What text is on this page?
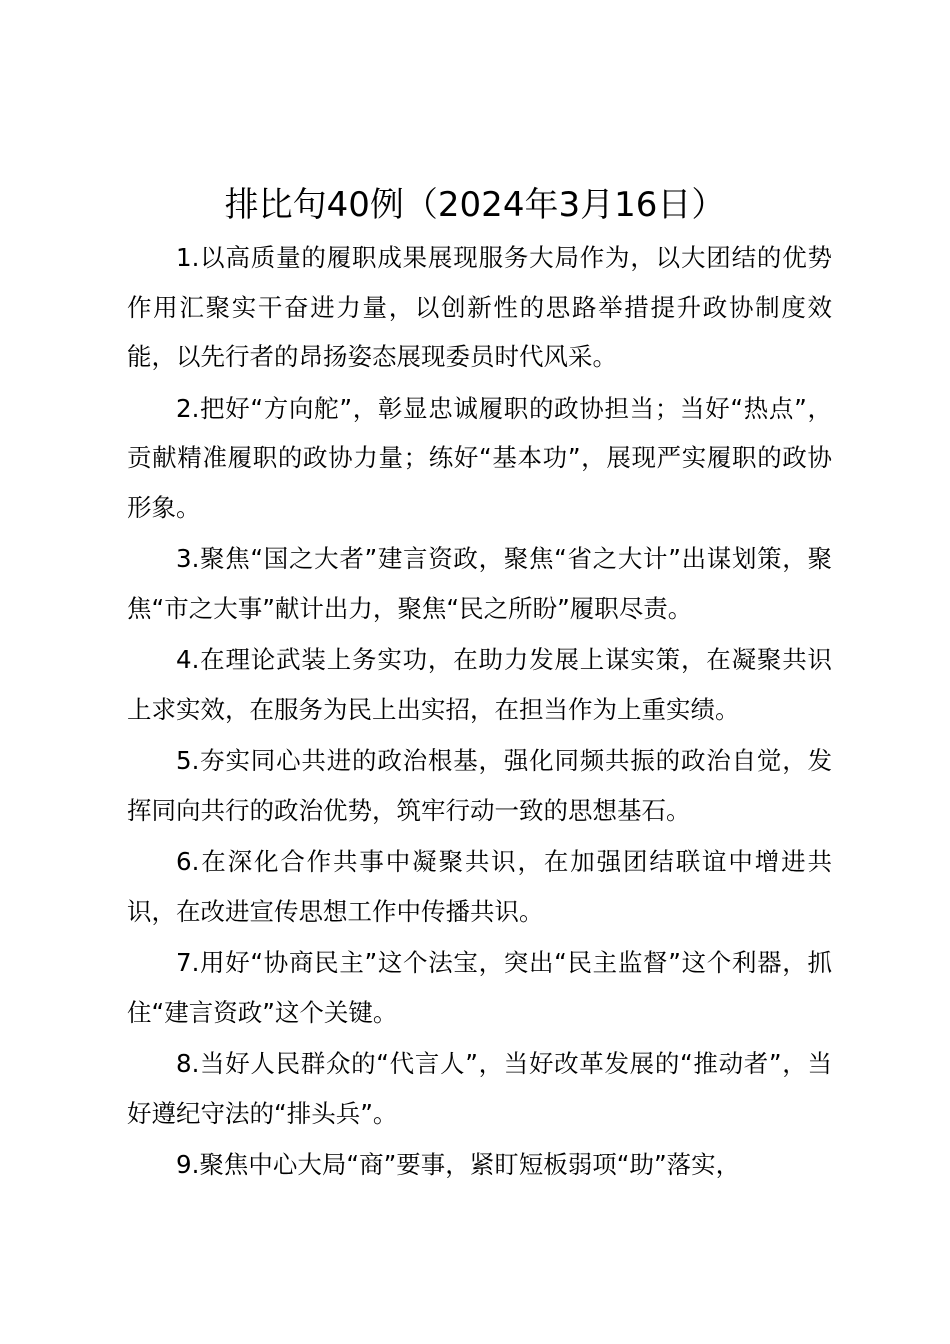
排比句40例（2024年3月16日）

1.以高质量的履职成果展现服务大局作为，以大团结的优势作用汇聚实干奋进力量，以创新性的思路举措提升政协制度效能，以先行者的昂扬姿态展现委员时代风采。

2.把好“方向舵”，彰显忠诚履职的政协担当；当好“热点”，贡献精准履职的政协力量；练好“基本功”，展现严实履职的政协形象。

3.聚焦“国之大者”建言资政，聚焦“省之大计”出谋划策，聚焦“市之大事”献计出力，聚焦“民之所盼”履职尽责。

4.在理论武装上务实功，在助力发展上谋实策，在凝聚共识上求实效，在服务为民上出实招，在担当作为上重实绩。

5.夯实同心共进的政治根基，强化同频共振的政治自觉，发挥同向共行的政治优势，筑牢行动一致的思想基石。

6.在深化合作共事中凝聚共识，在加强团结联谊中增进共识，在改进宣传思想工作中传播共识。

7.用好“协商民主”这个法宝，突出“民主监督”这个利器，抓住“建言资政”这个关键。

8.当好人民群众的“代言人”，当好改革发展的“推动者”，当好遵纪守法的“排头兵”。

9.聚焦中心大局“商”要事，紧盯短板弱项“助”落实，
